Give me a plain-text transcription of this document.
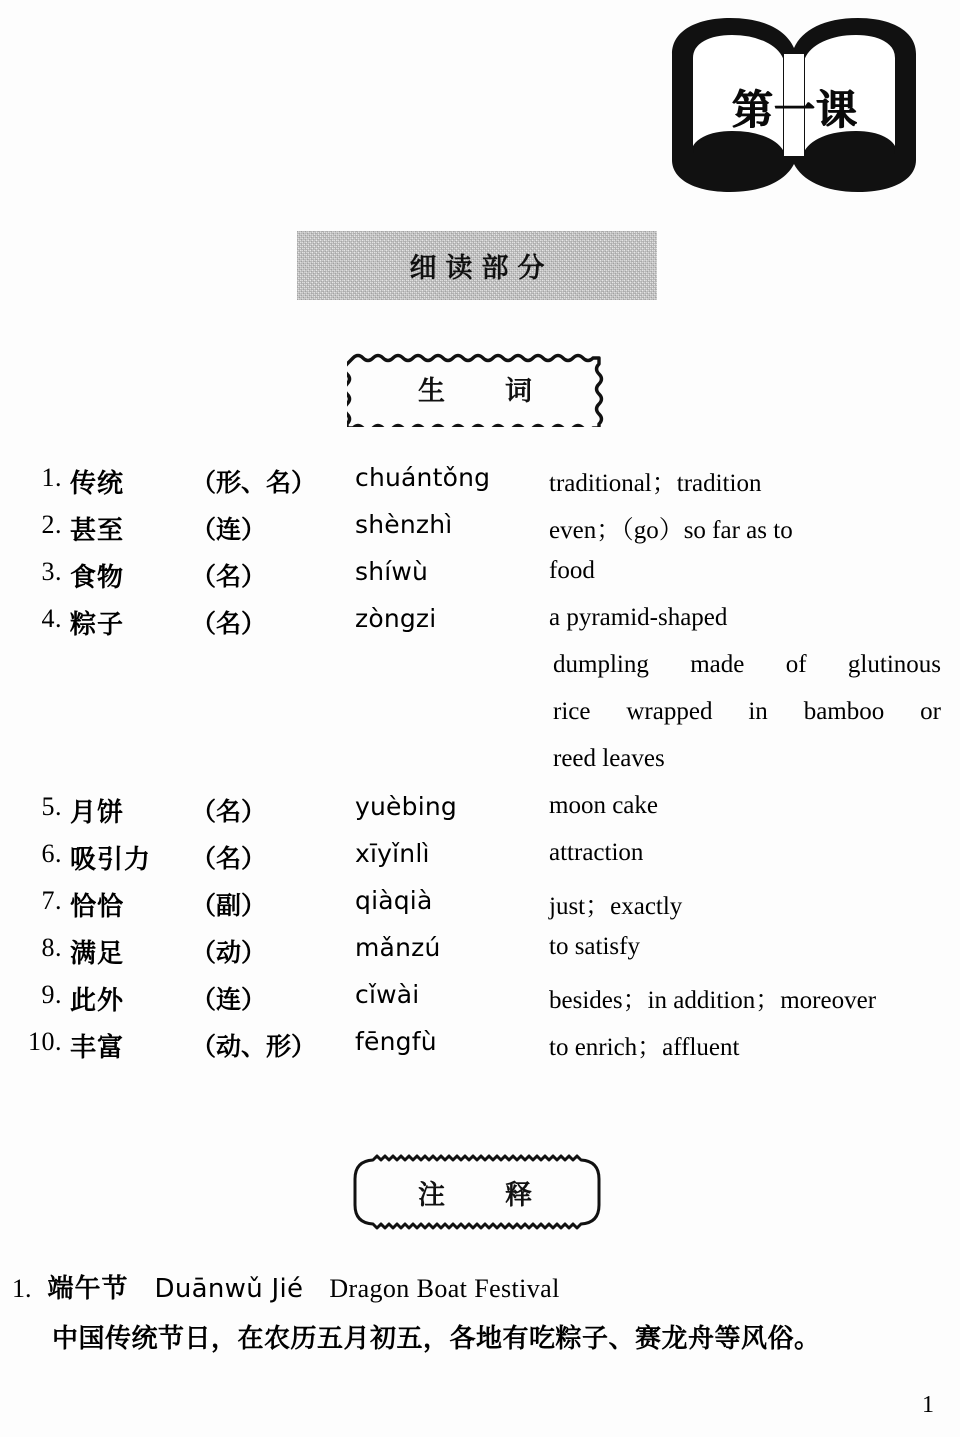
第一课
细读部分
生　　词
1. 传统	（形、名） chuántǒng traditional；tradition
2. 甚至	（连）	shènzhì	even；（go）so far as to
3. 食物	（名）	shíwù	food
4. 粽子	（名）	zòngzi	a pyramid-shaped
dumpling made of glutinous
rice wrapped in bamboo or
reed leaves
5. 月饼	（名）	yuèbing	moon cake
6. 吸引力 （名）	xīyǐnlì	attraction
7. 恰恰	（副）	qiàqià	just；exactly
8. 满足	（动）	mǎnzú	to satisfy
9. 此外	（连）	cǐwài	besides；in addition；moreover
10. 丰富	（动、形） fēngfù	to enrich；affluent
注　　释
1. 端午节 Duānwǔ Jié Dragon Boat Festival
中国传统节日，在农历五月初五，各地有吃粽子、赛龙舟等风俗。
1
